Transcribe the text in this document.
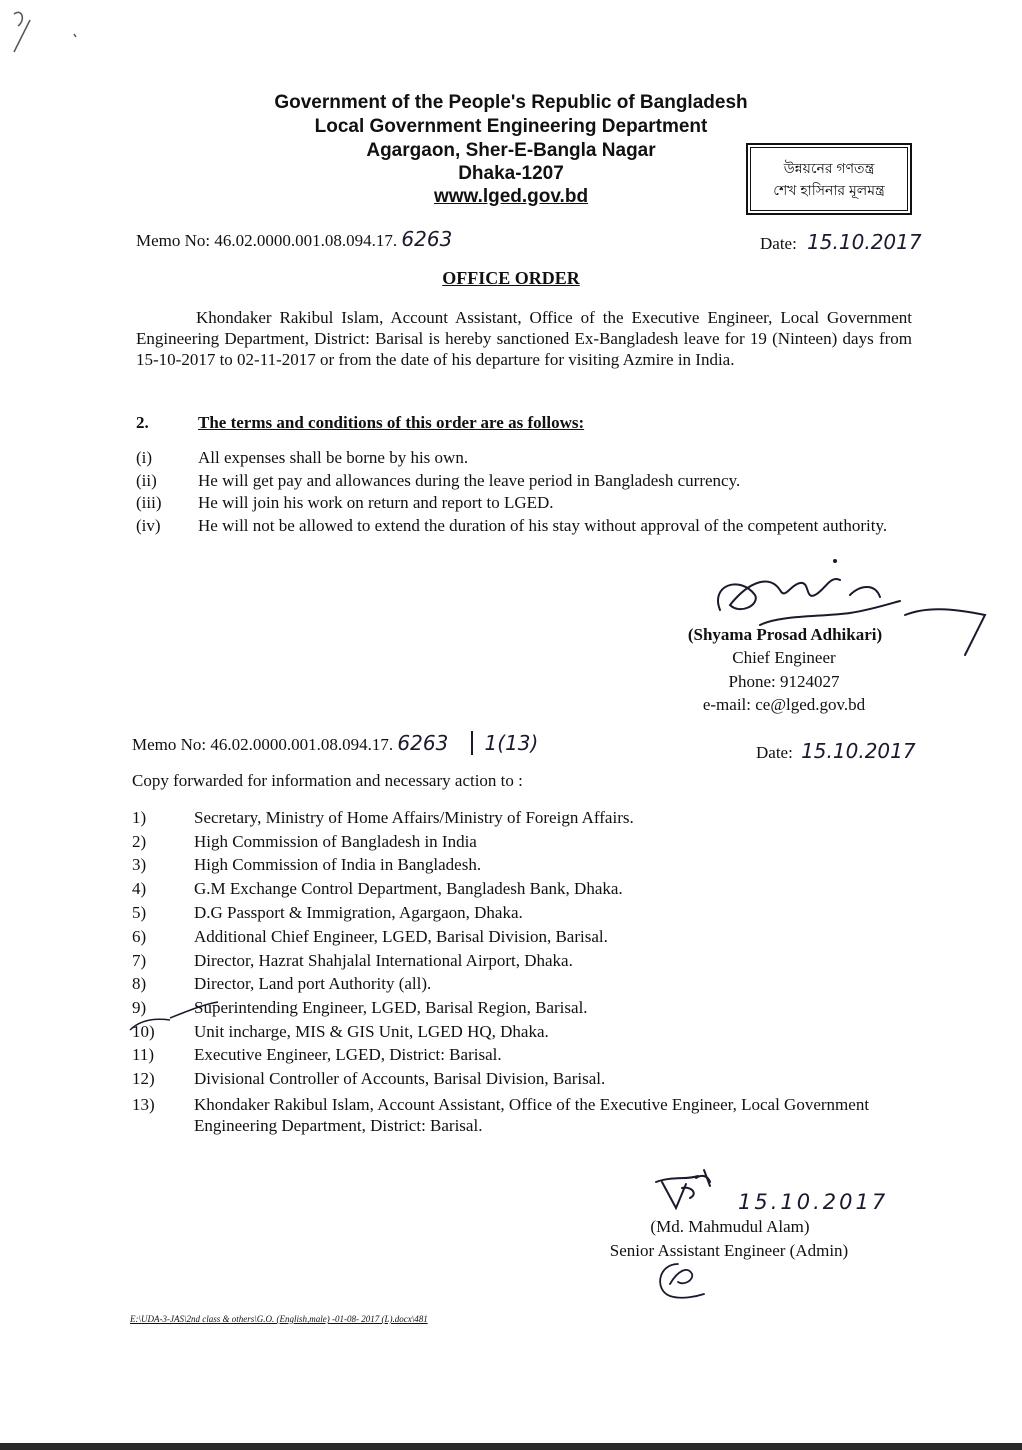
Government of the People's Republic of Bangladesh
Local Government Engineering Department
Agargaon, Sher-E-Bangla Nagar
Dhaka-1207
www.lged.gov.bd
উন্নয়নের গণতন্ত্র
শেখ হাসিনার মূলমন্ত্র
Memo No: 46.02.0000.001.08.094.17. 6263	Date: 15.10.2017
OFFICE ORDER
Khondaker Rakibul Islam, Account Assistant, Office of the Executive Engineer, Local Government Engineering Department, District: Barisal is hereby sanctioned Ex-Bangladesh leave for 19 (Ninteen) days from 15-10-2017 to 02-11-2017 or from the date of his departure for visiting Azmire in India.
2.	The terms and conditions of this order are as follows:
(i)	All expenses shall be borne by his own.
(ii)	He will get pay and allowances during the leave period in Bangladesh currency.
(iii)	He will join his work on return and report to LGED.
(iv)	He will not be allowed to extend the duration of his stay without approval of the competent authority.
(Shyama Prosad Adhikari)
Chief Engineer
Phone: 9124027
e-mail: ce@lged.gov.bd
Memo No: 46.02.0000.001.08.094.17. 6263 1(13)	Date: 15.10.2017
Copy forwarded for information and necessary action to :
1)	Secretary, Ministry of Home Affairs/Ministry of Foreign Affairs.
2)	High Commission of Bangladesh in India
3)	High Commission of India in Bangladesh.
4)	G.M Exchange Control Department, Bangladesh Bank, Dhaka.
5)	D.G Passport & Immigration, Agargaon, Dhaka.
6)	Additional Chief Engineer, LGED, Barisal Division, Barisal.
7)	Director, Hazrat Shahjalal International Airport, Dhaka.
8)	Director, Land port Authority (all).
9)	Superintending Engineer, LGED, Barisal Region, Barisal.
10)	Unit incharge, MIS & GIS Unit, LGED HQ, Dhaka.
11)	Executive Engineer, LGED, District: Barisal.
12)	Divisional Controller of Accounts, Barisal Division, Barisal.
13)	Khondaker Rakibul Islam, Account Assistant, Office of the Executive Engineer, Local Government Engineering Department, District: Barisal.
15.10.2017
(Md. Mahmudul Alam)
Senior Assistant Engineer (Admin)
E:\UDA-3-JAS\2nd class & others\G.O. (English,male) -01-08- 2017 (L).docx\481
